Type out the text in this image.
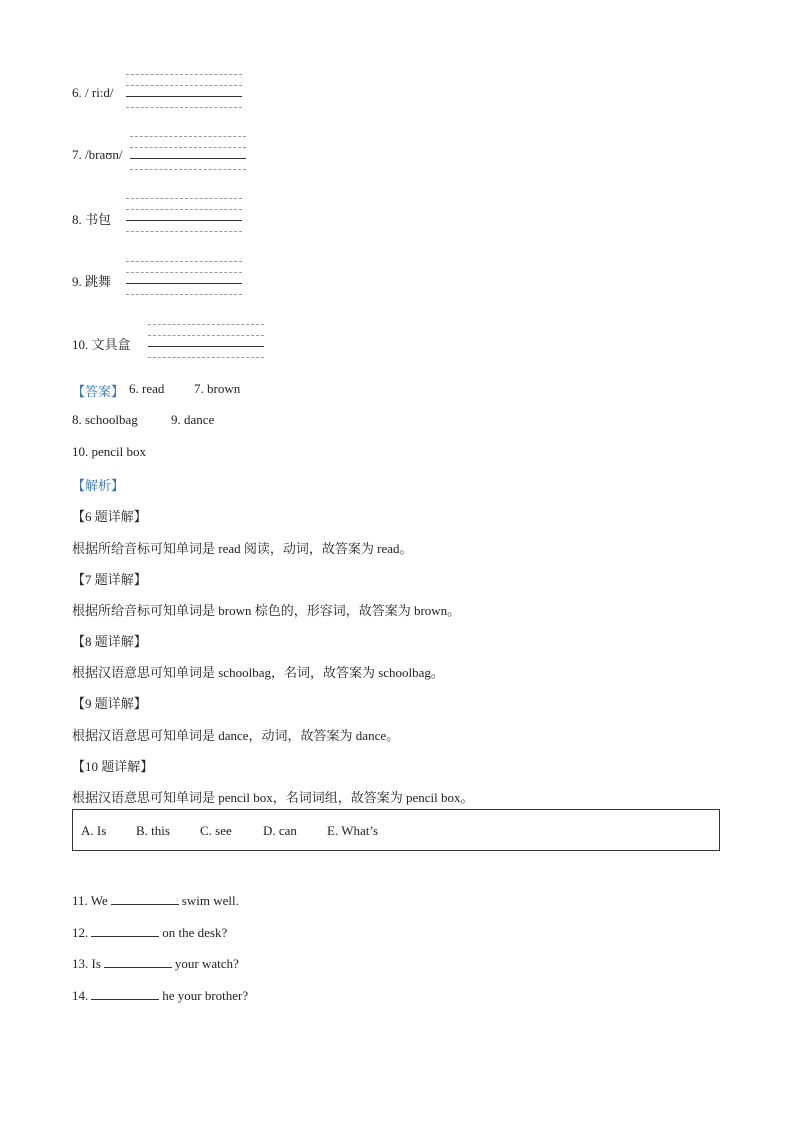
6. / ri:d/
7. /braʊn/
8. 书包
9. 跳舞
10. 文具盒
【答案】 6. read 7. brown
8. schoolbag	9. dance
10. pencil box
【解析】
【6 题详解】
根据所给音标可知单词是 read 阅读，动词，故答案为 read。
【7 题详解】
根据所给音标可知单词是 brown 棕色的，形容词，故答案为 brown。
【8 题详解】
根据汉语意思可知单词是 schoolbag，名词，故答案为 schoolbag。
【9 题详解】
根据汉语意思可知单词是 dance，动词，故答案为 dance。
【10 题详解】
根据汉语意思可知单词是 pencil box，名词词组，故答案为 pencil box。
A. Is B. this C. see D. can E. What’s
11. We	swim well.
12.	on the desk?
13. Is	your watch?
14.	he your brother?
